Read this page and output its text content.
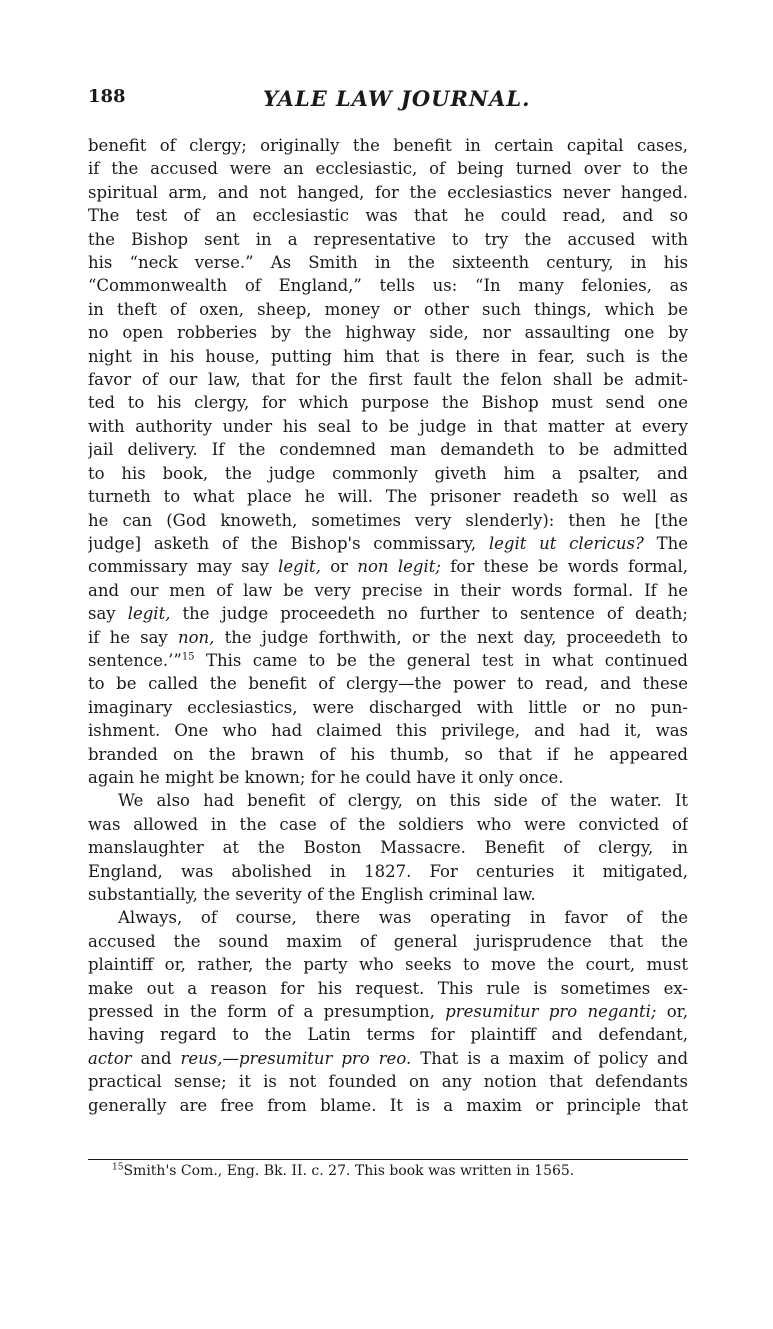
188	YALE LAW JOURNAL.
benefit of clergy; originally the benefit in certain capital cases,
if the accused were an ecclesiastic, of being turned over to the
spiritual arm, and not hanged, for the ecclesiastics never hanged.
The test of an ecclesiastic was that he could read, and so
the Bishop sent in a representative to try the accused with
his “neck verse.” As Smith in the sixteenth century, in his
“Commonwealth of England,” tells us: “In many felonies, as
in theft of oxen, sheep, money or other such things, which be
no open robberies by the highway side, nor assaulting one by
night in his house, putting him that is there in fear, such is the
favor of our law, that for the first fault the felon shall be admit-
ted to his clergy, for which purpose the Bishop must send one
with authority under his seal to be judge in that matter at every
jail delivery. If the condemned man demandeth to be admitted
to his book, the judge commonly giveth him a psalter, and
turneth to what place he will. The prisoner readeth so well as
he can (God knoweth, sometimes very slenderly): then he [the
judge] asketh of the Bishop's commissary, legit ut clericus? The
commissary may say legit, or non legit; for these be words formal,
and our men of law be very precise in their words formal. If he
say legit, the judge proceedeth no further to sentence of death;
if he say non, the judge forthwith, or the next day, proceedeth to
sentence.’”$^{15}$ This came to be the general test in what continued
to be called the benefit of clergy—the power to read, and these
imaginary ecclesiastics, were discharged with little or no pun-
ishment. One who had claimed this privilege, and had it, was
branded on the brawn of his thumb, so that if he appeared
again he might be known; for he could have it only once.
We also had benefit of clergy, on this side of the water. It
was allowed in the case of the soldiers who were convicted of
manslaughter at the Boston Massacre. Benefit of clergy, in
England, was abolished in 1827. For centuries it mitigated,
substantially, the severity of the English criminal law.
Always, of course, there was operating in favor of the
accused the sound maxim of general jurisprudence that the
plaintiff or, rather, the party who seeks to move the court, must
make out a reason for his request. This rule is sometimes ex-
pressed in the form of a presumption, presumitur pro neganti; or,
having regard to the Latin terms for plaintiff and defendant,
actor and reus,—presumitur pro reo. That is a maxim of policy and
practical sense; it is not founded on any notion that defendants
generally are free from blame. It is a maxim or principle that
$^{15}$Smith's Com., Eng. Bk. II. c. 27. This book was written in 1565.
